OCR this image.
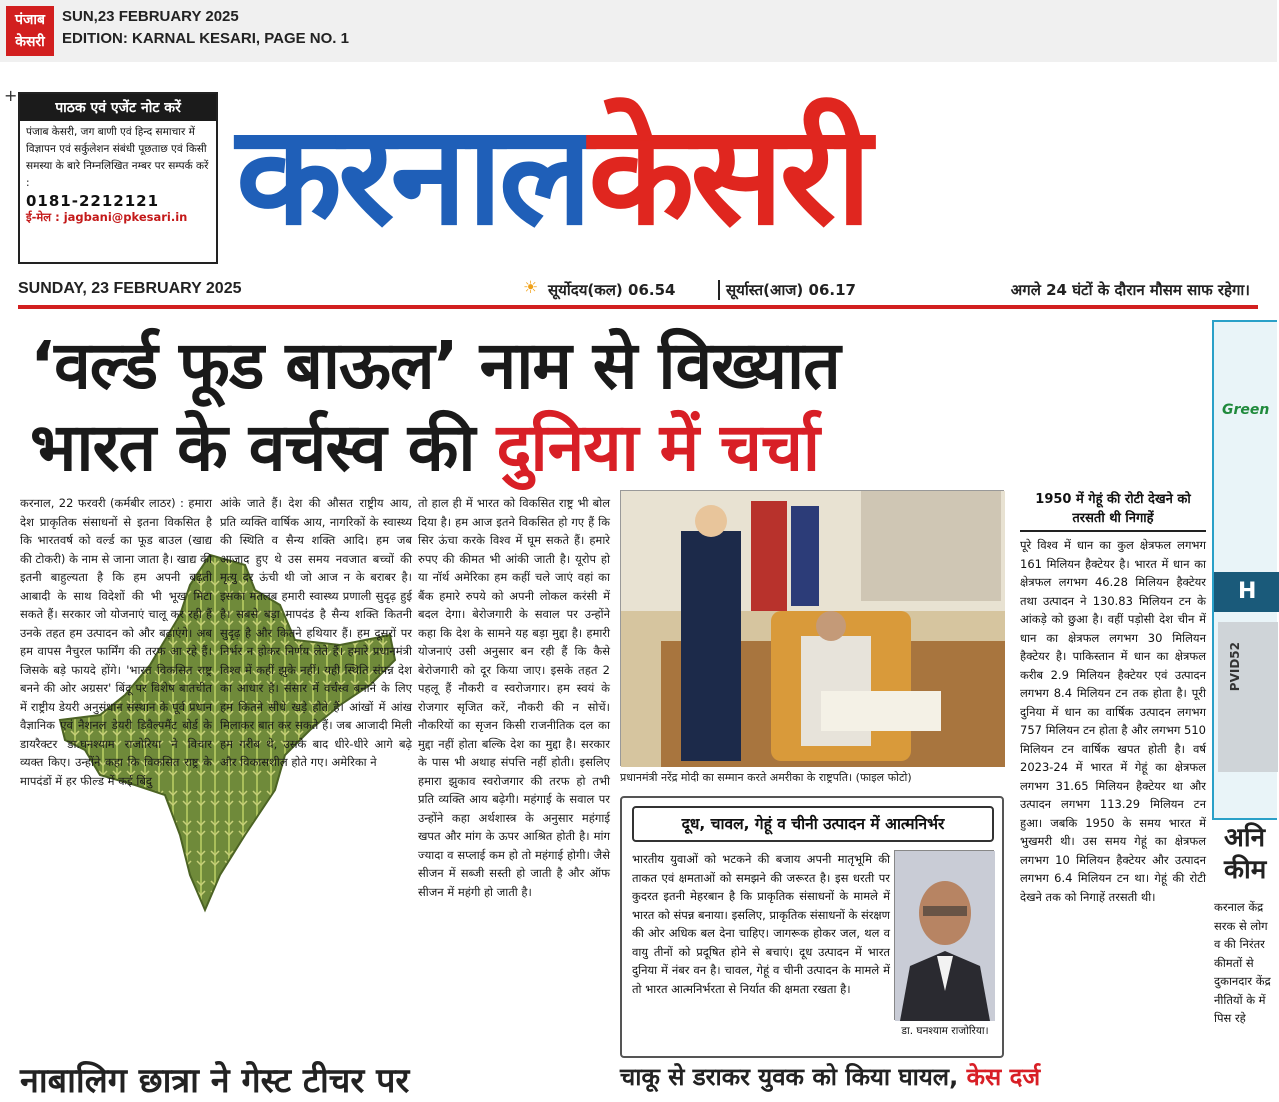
पंजाब
केसरी
SUN,23 FEBRUARY 2025
EDITION: KARNAL KESARI, PAGE NO. 1
+
पाठक एवं एजेंट नोट करें
पंजाब केसरी, जग बाणी एवं हिन्द समाचार में विज्ञापन एवं सर्कुलेशन संबंधी पूछताछ एवं किसी समस्या के बारे निम्नलिखित नम्बर पर सम्पर्क करें :
0181-2212121
ई-मेल : jagbani@pkesari.in करनालकेसरी
SUNDAY, 23 FEBRUARY 2025	☀ सूर्योदय(कल) 06.54	सूर्यास्त(आज) 06.17	अगले 24 घंटों के दौरान मौसम साफ रहेगा।
‘वर्ल्ड फूड बाऊल’ नाम से विख्यात
भारत के वर्चस्व की दुनिया में चर्चा

करनाल, 22 फरवरी (कर्मबीर लाठर) : हमारा देश प्राकृतिक संसाधनों से इतना विकसित है कि भारतवर्ष को वर्ल्ड का फूड बाउल (खाद्य की टोकरी) के नाम से जाना जाता है। खाद्य की इतनी बाहुल्यता है कि हम अपनी बढ़ती आबादी के साथ विदेशों की भी भूख मिटा सकते हैं। सरकार जो योजनाएं चालू कर रही हैं उनके तहत हम उत्पादन को और बढ़ाएंगे। अब हम वापस नैचुरल फार्मिंग की तरफ आ रहे हैं। जिसके बड़े फायदे होंगे। 'भारत विकसित राष्ट्र बनने की ओर अग्रसर' बिंदू पर विशेष बातचीत में राष्ट्रीय डेयरी अनुसंधान संस्थान के पूर्व प्रधान वैज्ञानिक एवं नैशनल डेयरी डिवैल्पमैंट बोर्ड के डायरैक्टर डा.घनश्याम राजोरिया ने विचार व्यक्त किए। उन्होंने कहा कि विकसित राष्ट्र के मापदंडों में हर फील्ड में कई बिंदु

आंके जाते हैं। देश की औसत राष्ट्रीय आय, प्रति व्यक्ति वार्षिक आय, नागरिकों के स्वास्थ्य की स्थिति व सैन्य शक्ति आदि। हम जब आजाद हुए थे उस समय नवजात बच्चों की मृत्यु दर ऊंची थी जो आज न के बराबर है। इसका मतलब हमारी स्वास्थ्य प्रणाली सुदृढ़ हुई है। सबसे बड़ा मापदंड है सैन्य शक्ति कितनी सुदृढ़ है और कितने हथियार हैं। हम दूसरों पर निर्भर न होकर निर्णय लेते हैं। हमारे प्रधानमंत्री विश्व में कहीं झुके नहीं। यही स्थिति संपन्न देश का आधार है। संसार में वर्चस्व बनाने के लिए हम कितने सीधे खड़े होते हैं। आंखों में आंख मिलाकर बात कर सकते हैं। जब आजादी मिली हम गरीब थे, उसके बाद धीरे-धीरे आगे बढ़े और विकासशील होते गए। अमेरिका ने

तो हाल ही में भारत को विकसित राष्ट्र भी बोल दिया है। हम आज इतने विकसित हो गए हैं कि सिर ऊंचा करके विश्व में घूम सकते हैं। हमारे रुपए की कीमत भी आंकी जाती है। यूरोप हो या नॉर्थ अमेरिका हम कहीं चले जाएं वहां का बैंक हमारे रुपये को अपनी लोकल करंसी में बदल देगा। बेरोजगारी के सवाल पर उन्होंने कहा कि देश के सामने यह बड़ा मुद्दा है। हमारी योजनाएं उसी अनुसार बन रही हैं कि कैसे बेरोजगारी को दूर किया जाए। इसके तहत 2 पहलू हैं नौकरी व स्वरोजगार। हम स्वयं के रोजगार सृजित करें, नौकरी की न सोचें। नौकरियों का सृजन किसी राजनीतिक दल का मुद्दा नहीं होता बल्कि देश का मुद्दा है। सरकार के पास भी अथाह संपत्ति नहीं होती। इसलिए हमारा झुकाव स्वरोजगार की तरफ हो तभी प्रति व्यक्ति आय बढ़ेगी। महंगाई के सवाल पर उन्होंने कहा अर्थशास्त्र के अनुसार महंगाई खपत और मांग के ऊपर आश्रित होती है। मांग ज्यादा व सप्लाई कम हो तो महंगाई होगी। जैसे सीजन में सब्जी सस्ती हो जाती है और ऑफ सीजन में महंगी हो जाती है।

प्रधानमंत्री नरेंद्र मोदी का सम्मान करते अमरीका के राष्ट्रपति। (फाइल फोटो)
1950 में गेहूं की रोटी देखने को तरसती थी निगाहें
पूरे विश्व में धान का कुल क्षेत्रफल लगभग 161 मिलियन हैक्टेयर है। भारत में धान का क्षेत्रफल लगभग 46.28 मिलियन हैक्टेयर तथा उत्पादन ने 130.83 मिलियन टन के आंकड़े को छुआ है। वहीं पड़ोसी देश चीन में धान का क्षेत्रफल लगभग 30 मिलियन हैक्टेयर है। पाकिस्तान में धान का क्षेत्रफल करीब 2.9 मिलियन हैक्टेयर एवं उत्पादन लगभग 8.4 मिलियन टन तक होता है। पूरी दुनिया में धान का वार्षिक उत्पादन लगभग 757 मिलियन टन होता है और लगभग 510 मिलियन टन वार्षिक खपत होती है। वर्ष 2023-24 में भारत में गेहूं का क्षेत्रफल लगभग 31.65 मिलियन हैक्टेयर था और उत्पादन लगभग 113.29 मिलियन टन हुआ। जबकि 1950 के समय भारत में भुखमरी थी। उस समय गेहूं का क्षेत्रफल लगभग 10 मिलियन हैक्टेयर और उत्पादन लगभग 6.4 मिलियन टन था। गेहूं की रोटी देखने तक को निगाहें तरसती थी।
दूध, चावल, गेहूं व चीनी उत्पादन में आत्मनिर्भर
भारतीय युवाओं को भटकने की बजाय अपनी मातृभूमि की ताकत एवं क्षमताओं को समझने की जरूरत है। इस धरती पर कुदरत इतनी मेहरबान है कि प्राकृतिक संसाधनों के मामले में भारत को संपन्न बनाया। इसलिए, प्राकृतिक संसाधनों के संरक्षण की ओर अधिक बल देना चाहिए। जागरूक होकर जल, थल व वायु तीनों को प्रदूषित होने से बचाएं। दूध उत्पादन में भारत दुनिया में नंबर वन है। चावल, गेहूं व चीनी उत्पादन के मामले में तो भारत आत्मनिर्भरता से निर्यात की क्षमता रखता है।
डा. घनश्याम राजोरिया।
Green
H
PVID52
अनि
कीम
करनाल केंद्र सरक से लोग व की निरंतर कीमतों से दुकानदार केंद्र नीतियों के में पिस रहे
नाबालिग छात्रा ने गेस्ट टीचर पर	चाकू से डराकर युवक को किया घायल, केस दर्ज
